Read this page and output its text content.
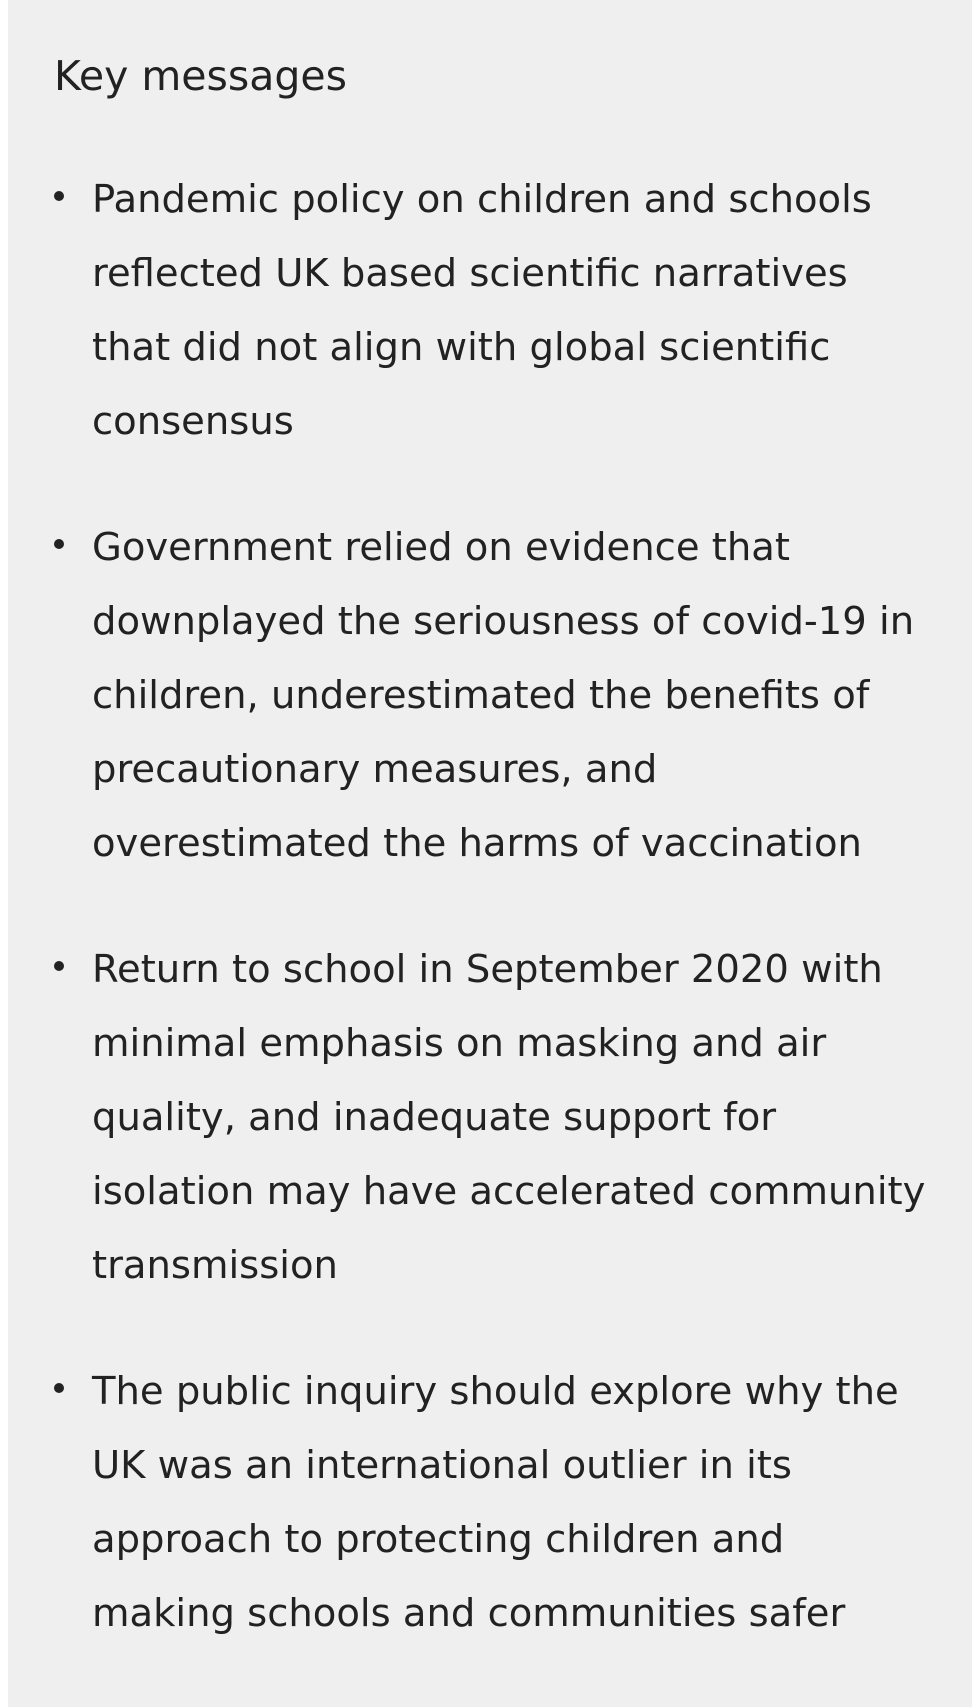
Key messages
Pandemic policy on children and schools reflected UK based scientific narratives that did not align with global scientific consensus
Government relied on evidence that downplayed the seriousness of covid-19 in children, underestimated the benefits of precautionary measures, and overestimated the harms of vaccination
Return to school in September 2020 with minimal emphasis on masking and air quality, and inadequate support for isolation may have accelerated community transmission
The public inquiry should explore why the UK was an international outlier in its approach to protecting children and making schools and communities safer
